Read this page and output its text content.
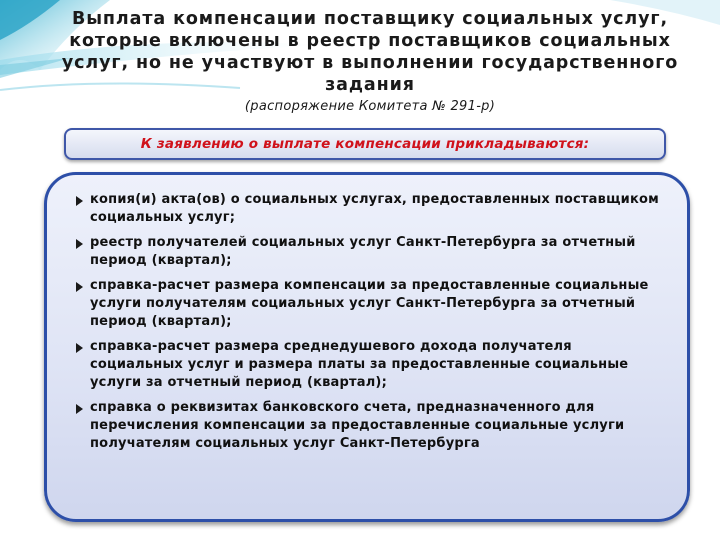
Выплата компенсации поставщику социальных услуг, которые включены в реестр поставщиков социальных услуг, но не участвуют в выполнении государственного задания
(распоряжение Комитета № 291-р)
К заявлению о выплате компенсации прикладываются:
копия(и) акта(ов) о социальных услугах, предоставленных поставщиком социальных услуг;
реестр получателей социальных услуг Санкт-Петербурга за отчетный период (квартал);
справка-расчет размера компенсации за предоставленные социальные услуги получателям социальных услуг Санкт-Петербурга за отчетный период (квартал);
справка-расчет размера среднедушевого дохода получателя социальных услуг и размера платы за предоставленные социальные услуги за отчетный период (квартал);
справка о реквизитах банковского счета, предназначенного для перечисления компенсации за предоставленные социальные услуги получателям социальных услуг Санкт-Петербурга
